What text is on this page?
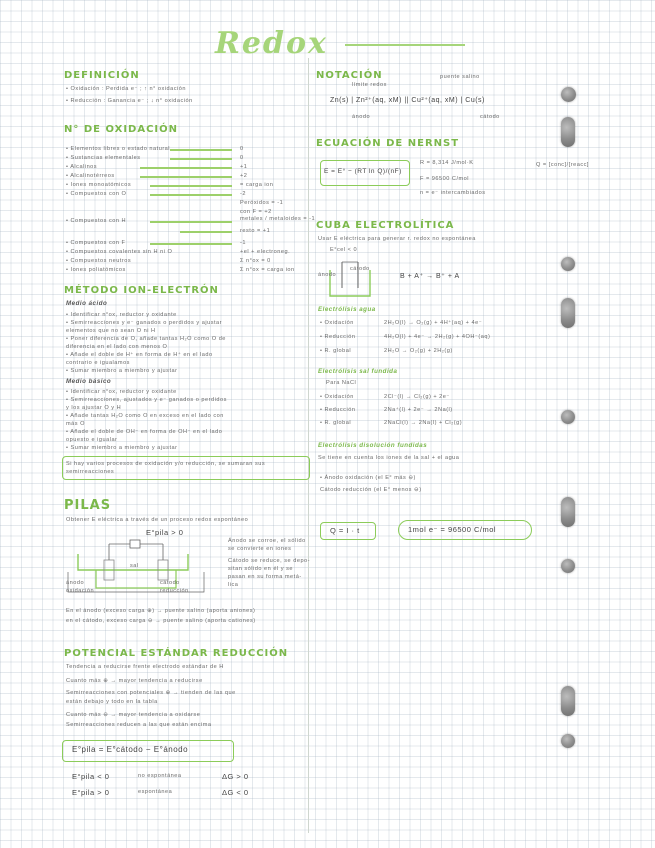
Redox
DEFINICIÓN
• Oxidación : Perdida e⁻ ; ↑ n° oxidación
• Reducción : Ganancia e⁻ ; ↓ n° oxidación
N° DE OXIDACIÓN
• Elementos libres o estado natural	0
• Sustancias elementales	0
• Alcalinos	+1
• Alcalinotérreos	+2
• Iones monoatómicos	= carga ion
• Compuestos con O	-2
Peróxidos = -1
con F = +2
• Compuestos con H	metales / metaloides = -1
resto = +1
• Compuestos con F	-1
• Compuestos covalentes sin H ni O	+el + electroneg.
• Compuestos neutros	Σ n°ox = 0
• Iones poliatómicos	Σ n°ox = carga ion
MÉTODO ION-ELECTRÓN
Medio ácido
• Identificar n°ox, reductor y oxidante
• Semirreacciones y e⁻ ganados o perdidos y ajustar
elementos que no sean O ni H
• Poner diferencia de O, añade tantas H₂O como O de
diferencia en el lado con menos O
• Añade el doble de H⁺ en forma de H⁺ en el lado
contrario e igualamos
• Sumar miembro a miembro y ajustar
Medio básico
• Identificar n°ox, reductor y oxidante
• Semirreacciones, ajustados y e⁻ ganados o perdidos
y los ajustar O y H
• Añade tantas H₂O como O en exceso en el lado con
más O
• Añade el doble de OH⁻ en forma de OH⁻ en el lado
opuesto e igualar
• Sumar miembro a miembro y ajustar
Si hay varios procesos de oxidación y/o reducción, se sumaran sus semirreacciones
PILAS
Obtener E eléctrica a través de un proceso redox espontáneo
E°pila > 0
sal
ánodo
oxidación
cátodo
reducción
Ánodo se corroe, el sólido
se convierte en iones
Cátodo se reduce, se depo-
sitan sólido en él y se
pasan en su forma metá-
lica
En el ánodo (exceso carga ⊕) → puente salino (aporta aniones)
en el cátodo, exceso carga ⊖ → puente salino (aporta cationes)
POTENCIAL ESTÁNDAR REDUCCIÓN
Tendencia a reducirse frente electrodo estándar de H
Cuanto más ⊕ → mayor tendencia a reducirse
Semirreacciones con potenciales ⊕ → tienden de las que
están debajo y todo en la tabla
Cuanto más ⊖ → mayor tendencia a oxidarse
Semirreacciones reducen a las que están encima
E°pila = E°cátodo − E°ánodo
E°pila < 0	no espontánea	ΔG > 0
E°pila > 0	espontánea	ΔG < 0
NOTACIÓN	puente salino
límite redox
Zn(s) | Zn²⁺(aq, xM) || Cu²⁺(aq, xM) | Cu(s)
ánodo	cátodo
ECUACIÓN DE NERNST
E = E° − (RT ln Q)/(nF)
R = 8,314 J/mol·K
F = 96500 C/mol
n = e⁻ intercambiados
Q = [conc]/[reacc]
CUBA ELECTROLÍTICA
Usar E eléctrica para generar r. redox no espontánea
E°cel < 0
cátodo
ánodo	B + A⁺ → B⁺ + A
Electrólisis agua
• Oxidación	2H₂O(l) → O₂(g) + 4H⁺(aq) + 4e⁻
• Reducción	4H₂O(l) + 4e⁻ → 2H₂(g) + 4OH⁻(aq)
• R. global	2H₂O → O₂(g) + 2H₂(g)
Electrólisis sal fundida
Para NaCl
• Oxidación	2Cl⁻(l) → Cl₂(g) + 2e⁻
• Reducción	2Na⁺(l) + 2e⁻ → 2Na(l)
• R. global	2NaCl(l) → 2Na(l) + Cl₂(g)
Electrólisis disolución fundidas
Se tiene en cuenta los iones de la sal + el agua
• Ánodo oxidación (el E° más ⊖)
Cátodo reducción (el E° menos ⊖)
Q = I · t	1mol e⁻ = 96500 C/mol
